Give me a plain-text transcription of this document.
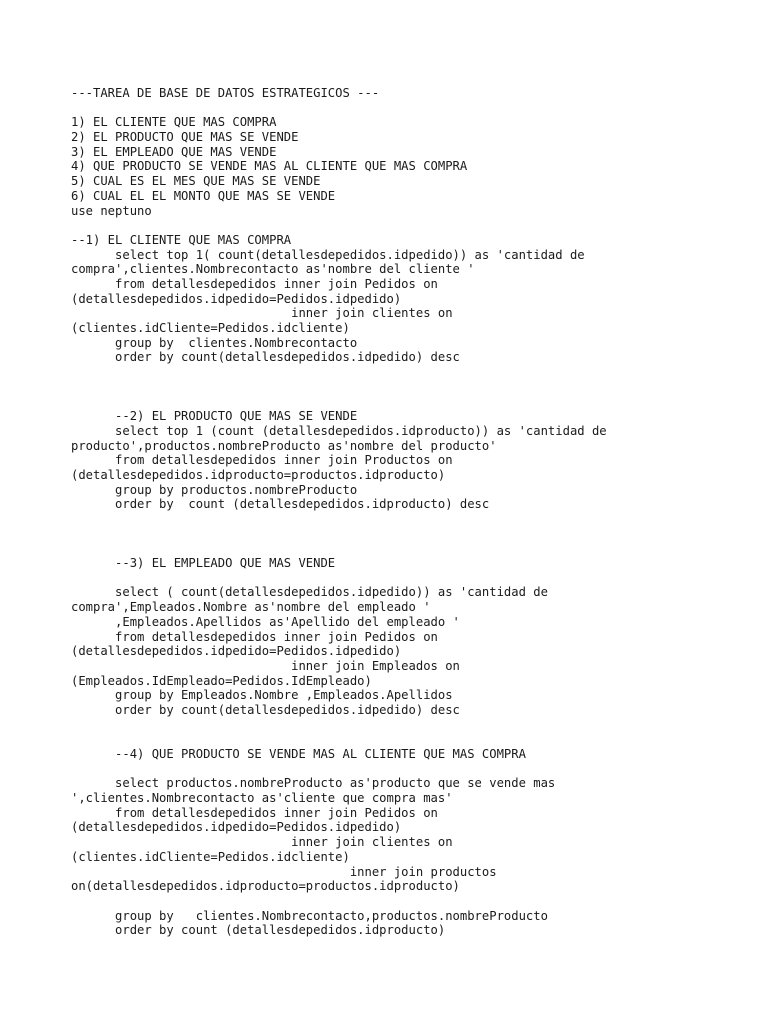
---TAREA DE BASE DE DATOS ESTRATEGICOS ---
1) EL CLIENTE QUE MAS COMPRA
2) EL PRODUCTO QUE MAS SE VENDE
3) EL EMPLEADO QUE MAS VENDE
4) QUE PRODUCTO SE VENDE MAS AL CLIENTE QUE MAS COMPRA
5) CUAL ES EL MES QUE MAS SE VENDE
6) CUAL EL EL MONTO QUE MAS SE VENDE
use neptuno
--1) EL CLIENTE QUE MAS COMPRA
select top 1( count(detallesdepedidos.idpedido)) as 'cantidad de
compra',clientes.Nombrecontacto as'nombre del cliente '
from detallesdepedidos inner join Pedidos on
(detallesdepedidos.idpedido=Pedidos.idpedido)
inner join clientes on
(clientes.idCliente=Pedidos.idcliente)
group by  clientes.Nombrecontacto
order by count(detallesdepedidos.idpedido) desc
--2) EL PRODUCTO QUE MAS SE VENDE
select top 1 (count (detallesdepedidos.idproducto)) as 'cantidad de
producto',productos.nombreProducto as'nombre del producto'
from detallesdepedidos inner join Productos on
(detallesdepedidos.idproducto=productos.idproducto)
group by productos.nombreProducto
order by  count (detallesdepedidos.idproducto) desc
--3) EL EMPLEADO QUE MAS VENDE
select ( count(detallesdepedidos.idpedido)) as 'cantidad de
compra',Empleados.Nombre as'nombre del empleado '
,Empleados.Apellidos as'Apellido del empleado '
from detallesdepedidos inner join Pedidos on
(detallesdepedidos.idpedido=Pedidos.idpedido)
inner join Empleados on
(Empleados.IdEmpleado=Pedidos.IdEmpleado)
group by Empleados.Nombre ,Empleados.Apellidos
order by count(detallesdepedidos.idpedido) desc
--4) QUE PRODUCTO SE VENDE MAS AL CLIENTE QUE MAS COMPRA
select productos.nombreProducto as'producto que se vende mas
',clientes.Nombrecontacto as'cliente que compra mas'
from detallesdepedidos inner join Pedidos on
(detallesdepedidos.idpedido=Pedidos.idpedido)
inner join clientes on
(clientes.idCliente=Pedidos.idcliente)
inner join productos
on(detallesdepedidos.idproducto=productos.idproducto)
group by   clientes.Nombrecontacto,productos.nombreProducto
order by count (detallesdepedidos.idproducto)
